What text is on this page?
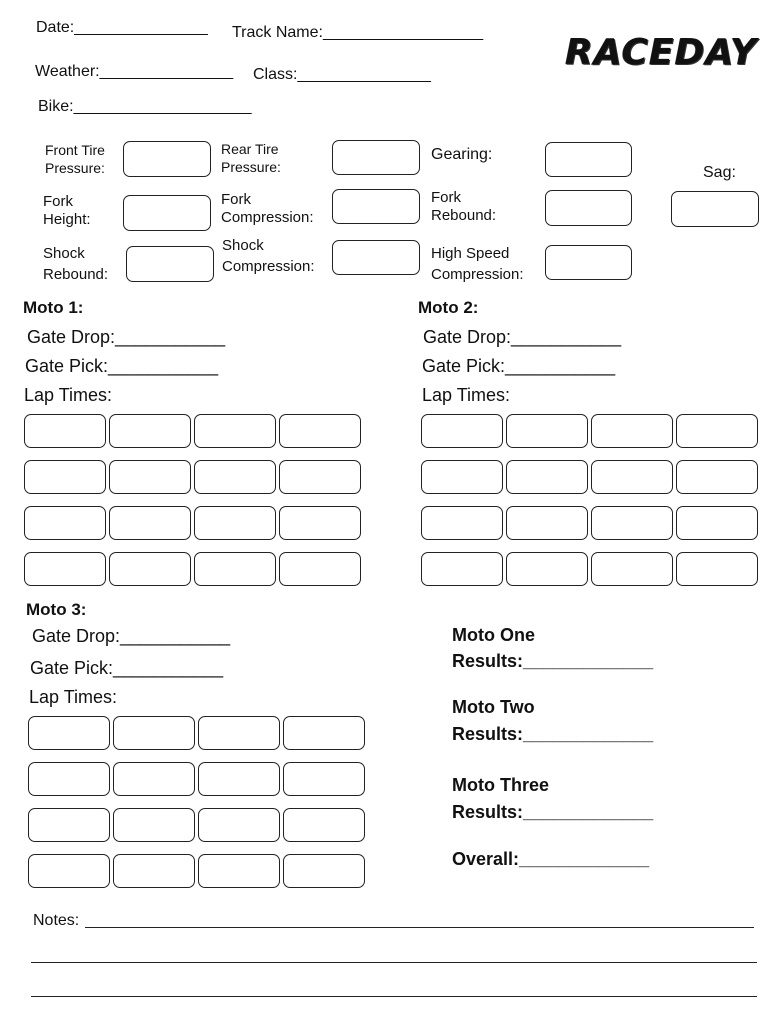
Date:_______________ Track Name:__________________
Weather:_______________ Class:_______________
Bike:____________________
RACEDAY
Front Tire Pressure:
Rear Tire Pressure:
Gearing:
Sag:
Fork Height:
Fork Compression:
Fork Rebound:
Shock Rebound:
Shock Compression:
High Speed Compression:
Moto 1:
Gate Drop:___________
Gate Pick:___________
Lap Times:
Moto 2:
Gate Drop:___________
Gate Pick:___________
Lap Times:
Moto 3:
Gate Drop:___________
Gate Pick:___________
Lap Times:
Moto One
Results:_____________
Moto Two
Results:_____________
Moto Three
Results:_____________
Overall:_____________
Notes:
